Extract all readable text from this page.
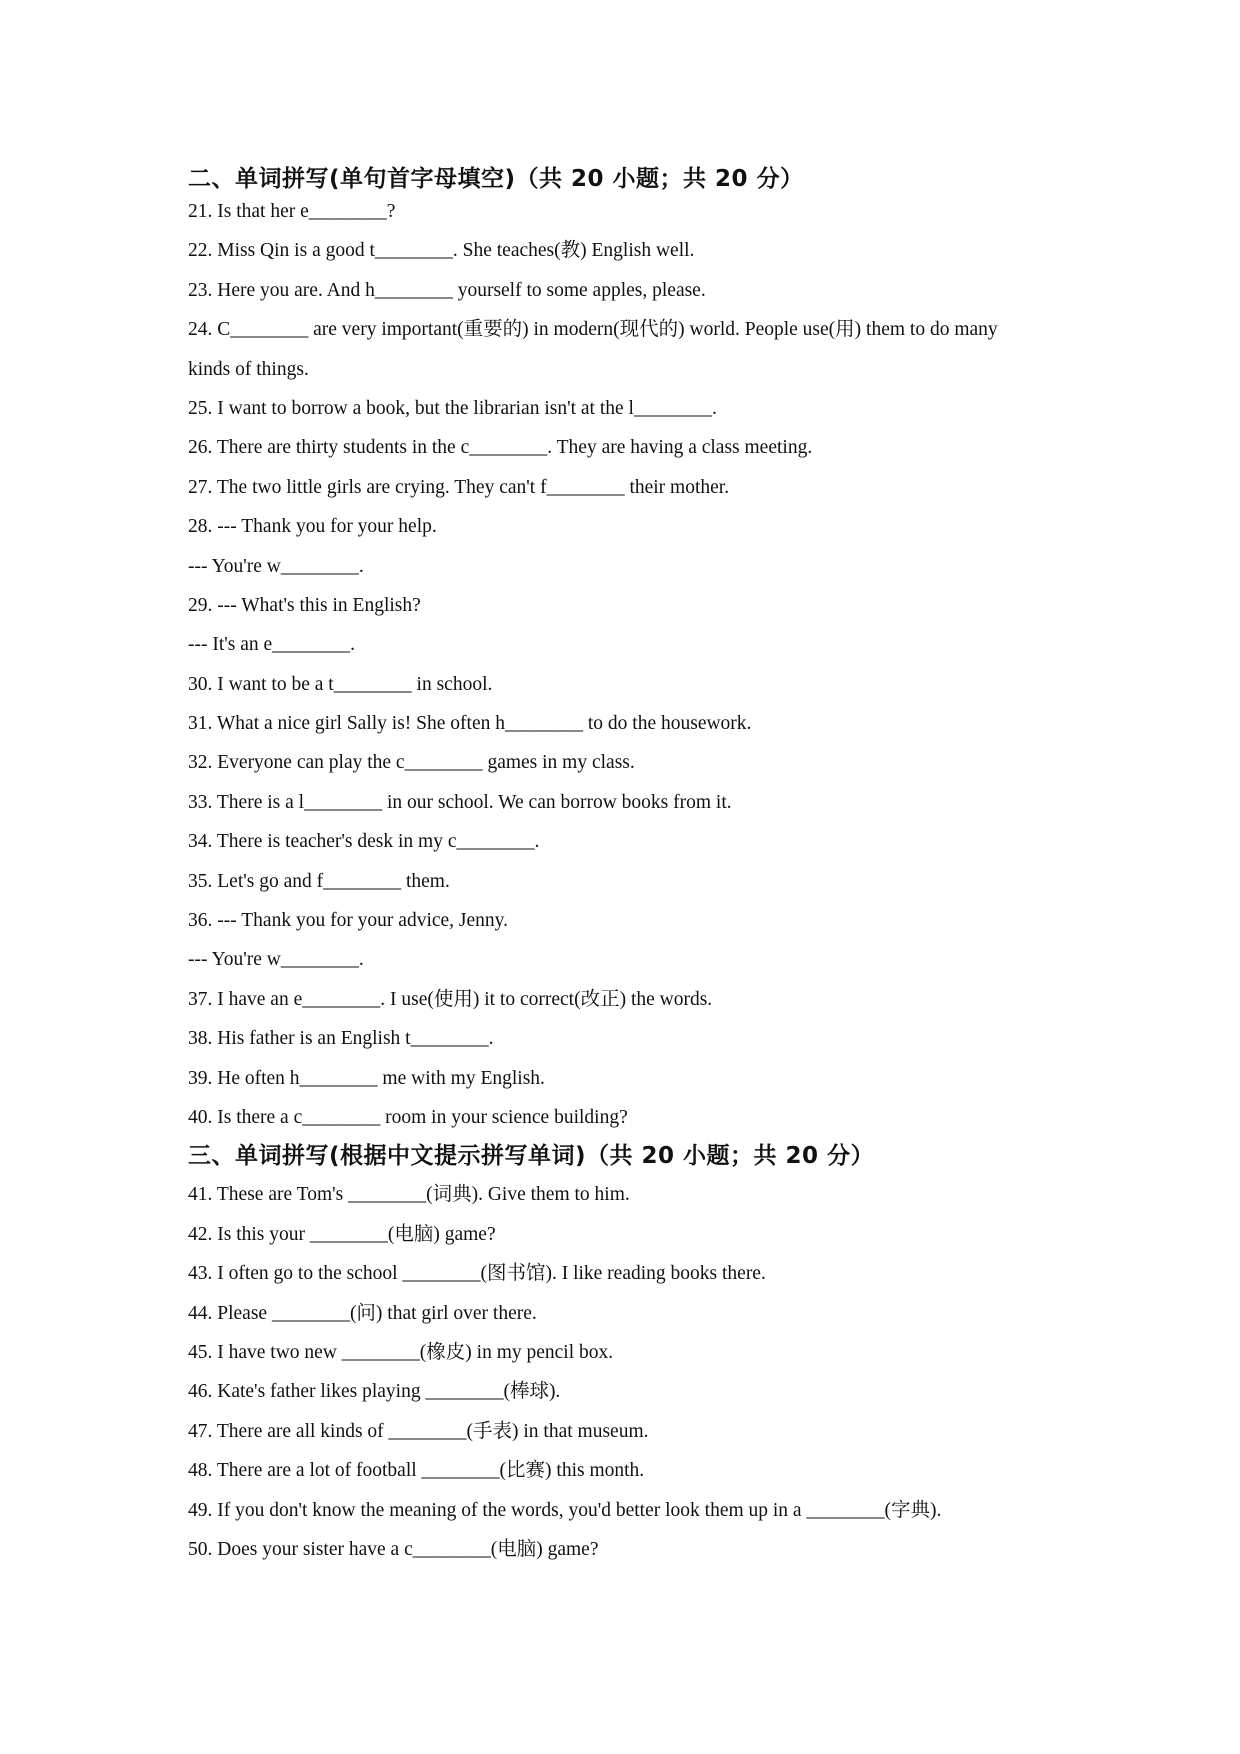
二、单词拼写(单句首字母填空)（共 20 小题；共 20 分）
21. Is that her e________?
22. Miss Qin is a good t________. She teaches(教) English well.
23. Here you are. And h________ yourself to some apples, please.
24. C________ are very important(重要的) in modern(现代的) world. People use(用) them to do many
kinds of things.
25. I want to borrow a book, but the librarian isn't at the l________.
26. There are thirty students in the c________. They are having a class meeting.
27. The two little girls are crying. They can't f________ their mother.
28. --- Thank you for your help.
--- You're w________.
29. --- What's this in English?
--- It's an e________.
30. I want to be a t________ in school.
31. What a nice girl Sally is! She often h________ to do the housework.
32. Everyone can play the c________ games in my class.
33. There is a l________ in our school. We can borrow books from it.
34. There is teacher's desk in my c________.
35. Let's go and f________ them.
36. --- Thank you for your advice, Jenny.
--- You're w________.
37. I have an e________. I use(使用) it to correct(改正) the words.
38. His father is an English t________.
39. He often h________ me with my English.
40. Is there a c________ room in your science building?
三、单词拼写(根据中文提示拼写单词)（共 20 小题；共 20 分）
41. These are Tom's ________(词典). Give them to him.
42. Is this your ________(电脑) game?
43. I often go to the school ________(图书馆). I like reading books there.
44. Please ________(问) that girl over there.
45. I have two new ________(橡皮) in my pencil box.
46. Kate's father likes playing ________(棒球).
47. There are all kinds of ________(手表) in that museum.
48. There are a lot of football ________(比赛) this month.
49. If you don't know the meaning of the words, you'd better look them up in a ________(字典).
50. Does your sister have a c________(电脑) game?
